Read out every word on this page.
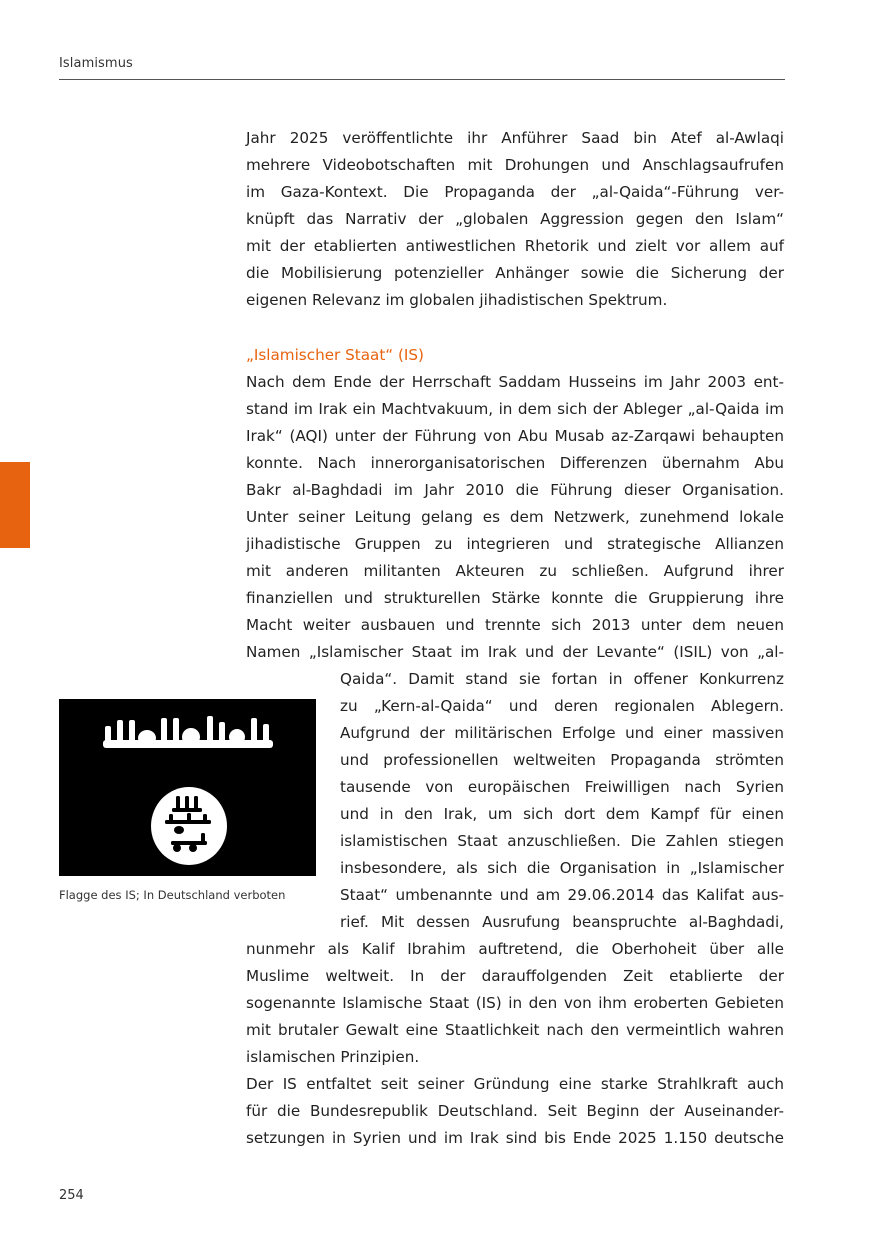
Islamismus
Jahr 2025 veröffentlichte ihr Anführer Saad bin Atef al-Awlaqi
mehrere Videobotschaften mit Drohungen und Anschlagsaufrufen
im Gaza-Kontext. Die Propaganda der „al-Qaida“-Führung ver-
knüpft das Narrativ der „globalen Aggression gegen den Islam“
mit der etablierten antiwestlichen Rhetorik und zielt vor allem auf
die Mobilisierung potenzieller Anhänger sowie die Sicherung der
eigenen Relevanz im globalen jihadistischen Spektrum.
„Islamischer Staat“ (IS)
Nach dem Ende der Herrschaft Saddam Husseins im Jahr 2003 ent-
stand im Irak ein Machtvakuum, in dem sich der Ableger „al-Qaida im
Irak“ (AQI) unter der Führung von Abu Musab az-Zarqawi behaupten
konnte. Nach innerorganisatorischen Differenzen übernahm Abu
Bakr al-Baghdadi im Jahr 2010 die Führung dieser Organisation.
Unter seiner Leitung gelang es dem Netzwerk, zunehmend lokale
jihadistische Gruppen zu integrieren und strategische Allianzen
mit anderen militanten Akteuren zu schließen. Aufgrund ihrer
finanziellen und strukturellen Stärke konnte die Gruppierung ihre
Macht weiter ausbauen und trennte sich 2013 unter dem neuen
Namen „Islamischer Staat im Irak und der Levante“ (ISIL) von „al-
Qaida“. Damit stand sie fortan in offener Konkurrenz
zu „Kern-al-Qaida“ und deren regionalen Ablegern.
Aufgrund der militärischen Erfolge und einer massiven
und professionellen weltweiten Propaganda strömten
tausende von europäischen Freiwilligen nach Syrien
und in den Irak, um sich dort dem Kampf für einen
islamistischen Staat anzuschließen. Die Zahlen stiegen
insbesondere, als sich die Organisation in „Islamischer
Staat“ umbenannte und am 29.06.2014 das Kalifat aus-
rief. Mit dessen Ausrufung beanspruchte al-Baghdadi,
nunmehr als Kalif Ibrahim auftretend, die Oberhoheit über alle
Muslime weltweit. In der darauffolgenden Zeit etablierte der
sogenannte Islamische Staat (IS) in den von ihm eroberten Gebieten
mit brutaler Gewalt eine Staatlichkeit nach den vermeintlich wahren
islamischen Prinzipien.
Der IS entfaltet seit seiner Gründung eine starke Strahlkraft auch
für die Bundesrepublik Deutschland. Seit Beginn der Auseinander-
setzungen in Syrien und im Irak sind bis Ende 2025 1.150 deutsche
Flagge des IS; In Deutschland verboten
254
